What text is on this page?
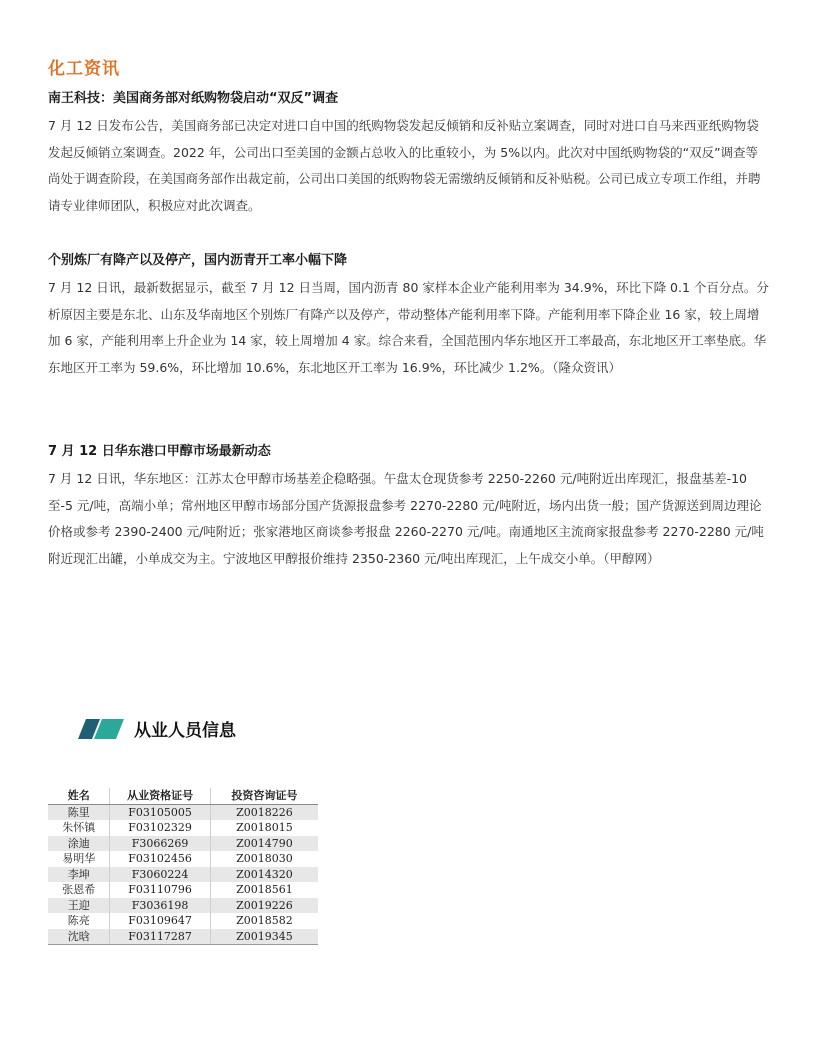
化工资讯
南王科技：美国商务部对纸购物袋启动“双反”调查

7 月 12 日发布公告，美国商务部已决定对进口自中国的纸购物袋发起反倾销和反补贴立案调查，同时对进口自马来西亚纸购物袋发起反倾销立案调查。2022 年，公司出口至美国的金额占总收入的比重较小，为 5%以内。此次对中国纸购物袋的“双反”调查等尚处于调查阶段，在美国商务部作出裁定前，公司出口美国的纸购物袋无需缴纳反倾销和反补贴税。公司已成立专项工作组，并聘请专业律师团队，积极应对此次调查。

个别炼厂有降产以及停产，国内沥青开工率小幅下降

7 月 12 日讯，最新数据显示，截至 7 月 12 日当周，国内沥青 80 家样本企业产能利用率为 34.9%，环比下降 0.1 个百分点。分析原因主要是东北、山东及华南地区个别炼厂有降产以及停产，带动整体产能利用率下降。产能利用率下降企业 16 家，较上周增加 6 家，产能利用率上升企业为 14 家，较上周增加 4 家。综合来看，全国范围内华东地区开工率最高，东北地区开工率垫底。华东地区开工率为 59.6%，环比增加 10.6%，东北地区开工率为 16.9%，环比减少 1.2%。（隆众资讯）

7 月 12 日华东港口甲醇市场最新动态

7 月 12 日讯，华东地区：江苏太仓甲醇市场基差企稳略强。午盘太仓现货参考 2250-2260 元/吨附近出库现汇，报盘基差-10 至-5 元/吨，高端小单；常州地区甲醇市场部分国产货源报盘参考 2270-2280 元/吨附近，场内出货一般；国产货源送到周边理论价格或参考 2390-2400 元/吨附近；张家港地区商谈参考报盘 2260-2270 元/吨。南通地区主流商家报盘参考 2270-2280 元/吨附近现汇出罐，小单成交为主。宁波地区甲醇报价维持 2350-2360 元/吨出库现汇，上午成交小单。（甲醇网）

从业人员信息
姓名	从业资格证号	投资咨询证号
陈里	F03105005	Z0018226
朱怀镇	F03102329	Z0018015
涂迪	F3066269	Z0014790
易明华	F03102456	Z0018030
李坤	F3060224	Z0014320
张恩希	F03110796	Z0018561
王迎	F3036198	Z0019226
陈亮	F03109647	Z0018582
沈晗	F03117287	Z0019345
